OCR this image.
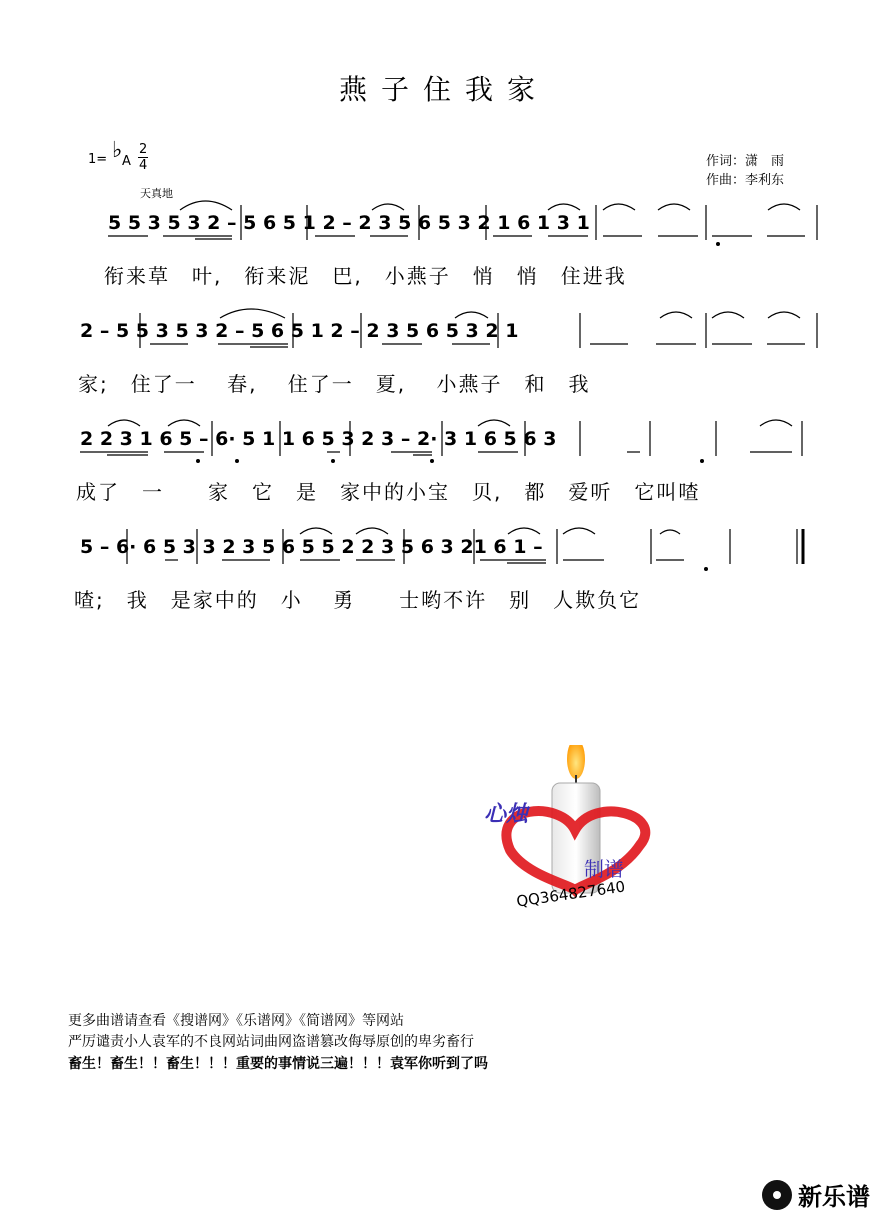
燕子住我家
1= ♭ A
2
4
天真地
作词：潇　雨
作曲：李利东
5 5 3 5 3 2 – 5 6 5 1 2 – 2 3 5 6 5 3 2 1 6 1 3 1
衔来草　叶,　衔来泥　巴,　小燕子　悄　悄　住进我
2 – 5 5 3 5 3 2 – 5 6 5 1 2 – 2 3 5 6 5 3 2 1
家;　住了一　 春,　 住了一　夏,　 小燕子　和　我
2 2 3 1 6 5 – 6· 5 1 1 6 5 3 2 3 – 2· 3 1 6 5 6 3
成了　一　　家　它　是　家中的小宝　贝,　都　爱听　它叫喳
5 – 6· 6 5 3 3 2 3 5 6 5 5 2 2 3 5 6 3 21 6 1 –
喳;　我　是家中的　小　 勇　　士哟不许　别　人欺负它
心烛
制谱
QQ364827640
更多曲谱请查看《搜谱网》《乐谱网》《简谱网》等网站
严厉谴责小人袁军的不良网站词曲网盗谱篡改侮辱原创的卑劣畜行
畜生！畜生！！畜生！！！重要的事情说三遍！！！袁军你听到了吗
新乐谱
